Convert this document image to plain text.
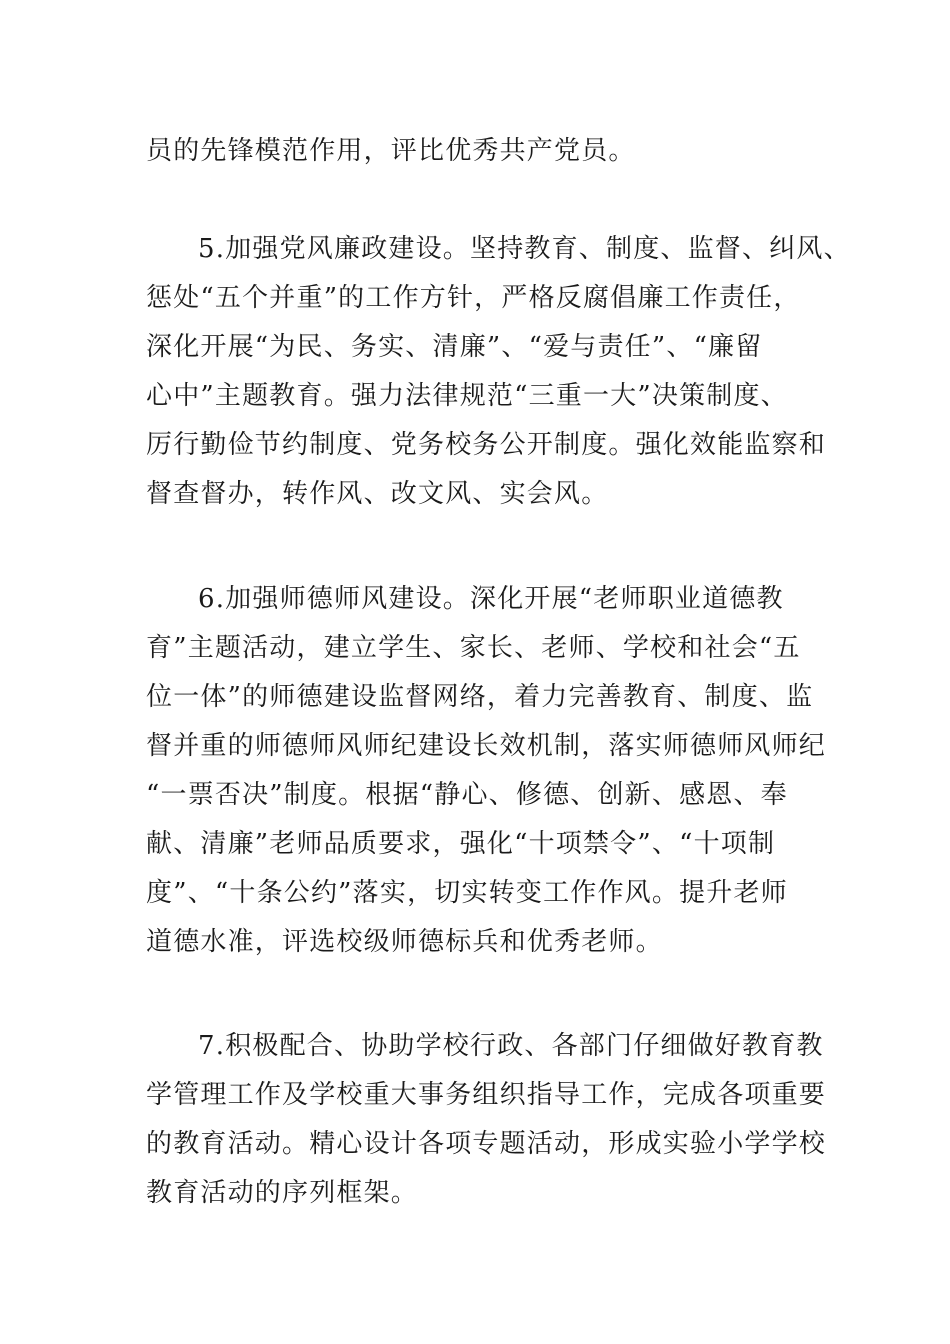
员的先锋模范作用，评比优秀共产党员。
5.加强党风廉政建设。坚持教育、制度、监督、纠风、
惩处“五个并重”的工作方针，严格反腐倡廉工作责任，
深化开展“为民、务实、清廉”、“爱与责任”、“廉留
心中”主题教育。强力法律规范“三重一大”决策制度、
厉行勤俭节约制度、党务校务公开制度。强化效能监察和
督查督办，转作风、改文风、实会风。
6.加强师德师风建设。深化开展“老师职业道德教
育”主题活动，建立学生、家长、老师、学校和社会“五
位一体”的师德建设监督网络，着力完善教育、制度、监
督并重的师德师风师纪建设长效机制，落实师德师风师纪
“一票否决”制度。根据“静心、修德、创新、感恩、奉
献、清廉”老师品质要求，强化“十项禁令”、“十项制
度”、“十条公约”落实，切实转变工作作风。提升老师
道德水准，评选校级师德标兵和优秀老师。
7.积极配合、协助学校行政、各部门仔细做好教育教
学管理工作及学校重大事务组织指导工作，完成各项重要
的教育活动。精心设计各项专题活动，形成实验小学学校
教育活动的序列框架。
